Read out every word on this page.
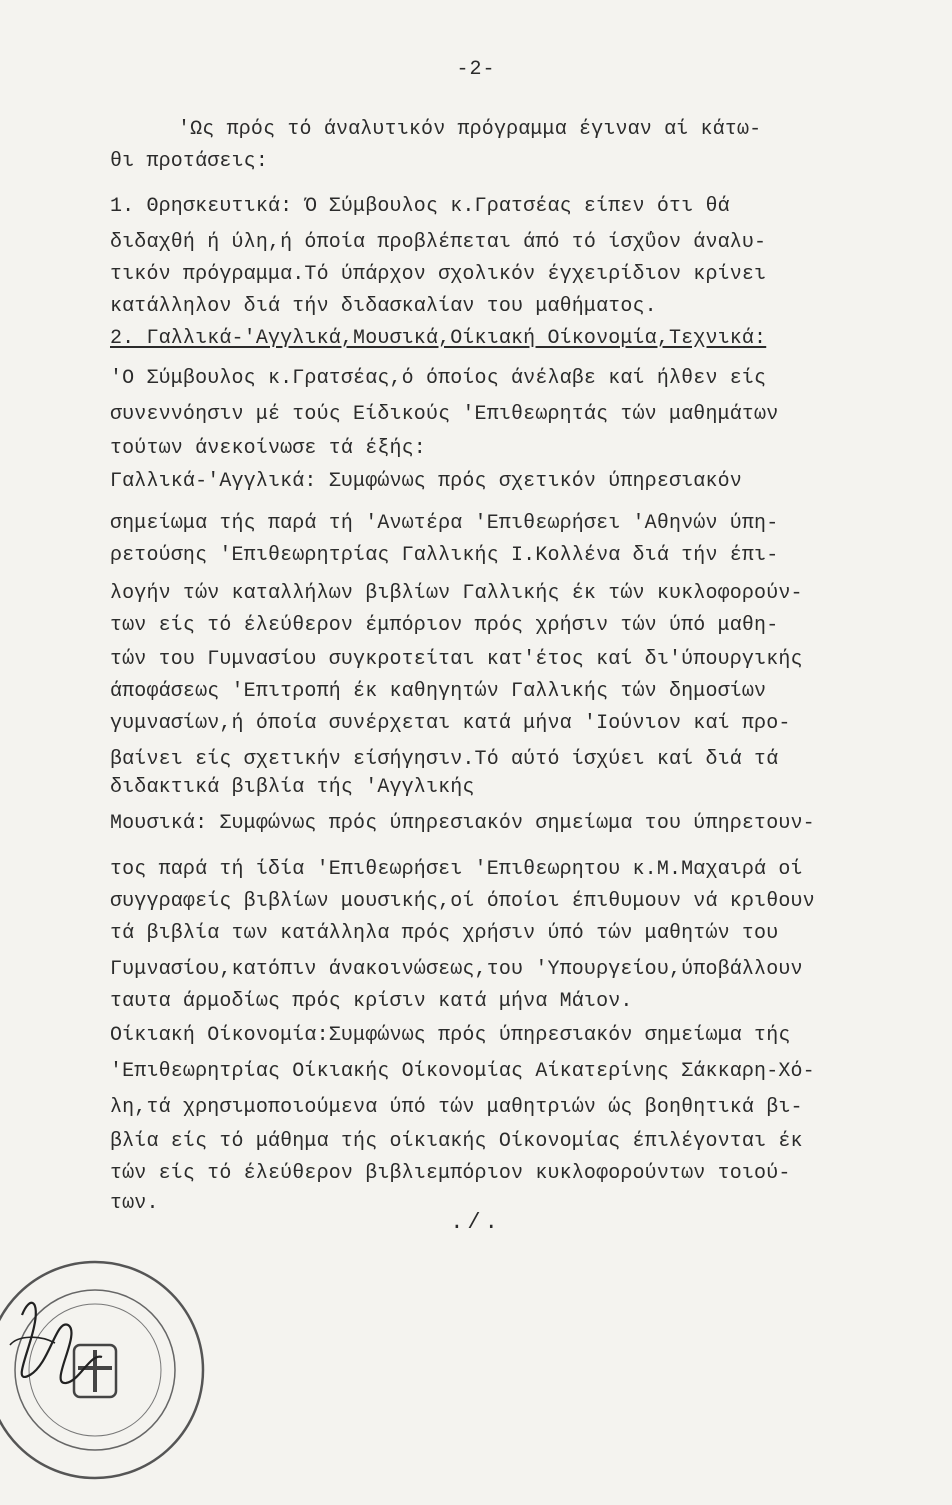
-2-
'Ως πρός τό άναλυτικόν πρόγραμμα έγιναν αί κάτω-
θι προτάσεις:
1. Θρησκευτικά: Ό Σύμβουλος κ.Γρατσέας είπεν ότι θά
διδαχθή ή ύλη,ή όποία προβλέπεται άπό τό ίσχΰον άναλυ-
τικόν πρόγραμμα.Τό ύπάρχον σχολικόν έγχειρίδιον κρίνει
κατάλληλον διά τήν διδασκαλίαν του μαθήματος.
2. Γαλλικά-'Αγγλικά,Μουσικά,Οίκιακή Οίκονομία,Τεχνικά:
'Ο Σύμβουλος κ.Γρατσέας,ό όποίος άνέλαβε καί ήλθεν είς
συνεννόησιν μέ τούς Είδικούς 'Επιθεωρητάς τών μαθημάτων
τούτων άνεκοίνωσε τά έξής:
Γαλλικά-'Αγγλικά: Συμφώνως πρός σχετικόν ύπηρεσιακόν
σημείωμα τής παρά τή 'Ανωτέρα 'Επιθεωρήσει 'Αθηνών ύπη-
ρετούσης 'Επιθεωρητρίας Γαλλικής Ι.Κολλένα διά τήν έπι-
λογήν τών καταλλήλων βιβλίων Γαλλικής έκ τών κυκλοφορούν-
των είς τό έλεύθερον έμπόριον πρός χρήσιν τών ύπό μαθη-
τών του Γυμνασίου συγκροτείται κατ'έτος καί δι'ύπουργικής
άποφάσεως 'Επιτροπή έκ καθηγητών Γαλλικής τών δημοσίων
γυμνασίων,ή όποία συνέρχεται κατά μήνα 'Ιούνιον καί προ-
βαίνει είς σχετικήν είσήγησιν.Τό αύτό ίσχύει καί διά τά
διδακτικά βιβλία τής 'Αγγλικής
Μουσικά: Συμφώνως πρός ύπηρεσιακόν σημείωμα του ύπηρετουν-
τος παρά τή ίδία 'Επιθεωρήσει 'Επιθεωρητου κ.Μ.Μαχαιρά οί
συγγραφείς βιβλίων μουσικής,οί όποίοι έπιθυμουν νά κριθουν
τά βιβλία των κατάλληλα πρός χρήσιν ύπό τών μαθητών του
Γυμνασίου,κατόπιν άνακοινώσεως,του 'Υπουργείου,ύποβάλλουν
ταυτα άρμοδίως πρός κρίσιν κατά μήνα Μάιον.
Οίκιακή Οίκονομία:Συμφώνως πρός ύπηρεσιακόν σημείωμα τής
'Επιθεωρητρίας Οίκιακής Οίκονομίας Αίκατερίνης Σάκκαρη-Χό-
λη,τά χρησιμοποιούμενα ύπό τών μαθητριών ώς βοηθητικά βι-
βλία είς τό μάθημα τής οίκιακής Οίκονομίας έπιλέγονται έκ
τών είς τό έλεύθερον βιβλιεμπόριον κυκλοφορούντων τοιού-
των.
./.
